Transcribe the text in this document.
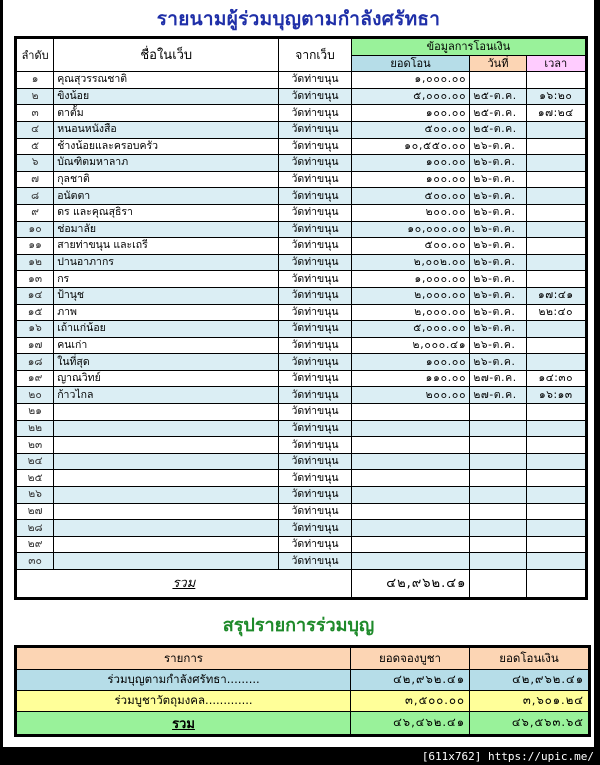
รายนามผู้ร่วมบุญตามกำลังศรัทธา
ลำดับ	ชื่อในเว็บ	จากเว็บ	ข้อมูลการโอนเงิน		
			ยอดโอน	วันที่	เวลา
๑	คุณสุวรรณชาติ	วัดท่าขนุน	๑,๐๐๐.๐๐		
๒	ขิงน้อย	วัดท่าขนุน	๕,๐๐๐.๐๐	๒๕-ต.ค.	๑๖:๒๐
๓	ตาตั้ม	วัดท่าขนุน	๑๐๐.๐๐	๒๕-ต.ค.	๑๗:๒๔
๔	หนอนหนังสือ	วัดท่าขนุน	๕๐๐.๐๐	๒๕-ต.ค.	
๕	ช้างน้อยและครอบครัว	วัดท่าขนุน	๑๐,๕๕๐.๐๐	๒๖-ต.ค.	
๖	บัณฑิตมหาลาภ	วัดท่าขนุน	๑๐๐.๐๐	๒๖-ต.ค.	
๗	กุลชาติ	วัดท่าขนุน	๑๐๐.๐๐	๒๖-ต.ค.	
๘	อนัตตา	วัดท่าขนุน	๕๐๐.๐๐	๒๖-ต.ค.	
๙	ดร และคุณสุธิรา	วัดท่าขนุน	๒๐๐.๐๐	๒๖-ต.ค.	
๑๐	ช่อมาลัย	วัดท่าขนุน	๑๐,๐๐๐.๐๐	๒๖-ต.ค.	
๑๑	สายท่าขนุน และเถรี	วัดท่าขนุน	๕๐๐.๐๐	๒๖-ต.ค.	
๑๒	ปานอาภากร	วัดท่าขนุน	๒,๐๐๒.๐๐	๒๖-ต.ค.	
๑๓	กร	วัดท่าขนุน	๑,๐๐๐.๐๐	๒๖-ต.ค.	
๑๔	ป้านุช	วัดท่าขนุน	๒,๐๐๐.๐๐	๒๖-ต.ค.	๑๗:๔๑
๑๕	ภาพ	วัดท่าขนุน	๒,๐๐๐.๐๐	๒๖-ต.ค.	๒๒:๔๐
๑๖	เถ้าแก่น้อย	วัดท่าขนุน	๕,๐๐๐.๐๐	๒๖-ต.ค.	
๑๗	คนเก่า	วัดท่าขนุน	๒,๐๐๐.๔๑	๒๖-ต.ค.	
๑๘	ในที่สุด	วัดท่าขนุน	๑๐๐.๐๐	๒๖-ต.ค.	
๑๙	ญาณวิทย์	วัดท่าขนุน	๑๑๐.๐๐	๒๗-ต.ค.	๑๔:๓๐
๒๐	ก้าวไกล	วัดท่าขนุน	๒๐๐.๐๐	๒๗-ต.ค.	๑๖:๑๓
๒๑		วัดท่าขนุน			
๒๒		วัดท่าขนุน			
๒๓		วัดท่าขนุน			
๒๔		วัดท่าขนุน			
๒๕		วัดท่าขนุน			
๒๖		วัดท่าขนุน			
๒๗		วัดท่าขนุน			
๒๘		วัดท่าขนุน			
๒๙		วัดท่าขนุน			
๓๐		วัดท่าขนุน			
รวม			๔๒,๙๖๒.๔๑		
สรุปรายการร่วมบุญ
รายการ	ยอดจองบูชา	ยอดโอนเงิน
ร่วมบุญตามกำลังศรัทธา.........	๔๒,๙๖๒.๔๑	๔๒,๙๖๒.๔๑
ร่วมบูชาวัตถุมงคล.............	๓,๕๐๐.๐๐	๓,๖๐๑.๒๔
รวม	๔๖,๔๖๒.๔๑	๔๖,๕๖๓.๖๕
[611x762] https://upic.me/
